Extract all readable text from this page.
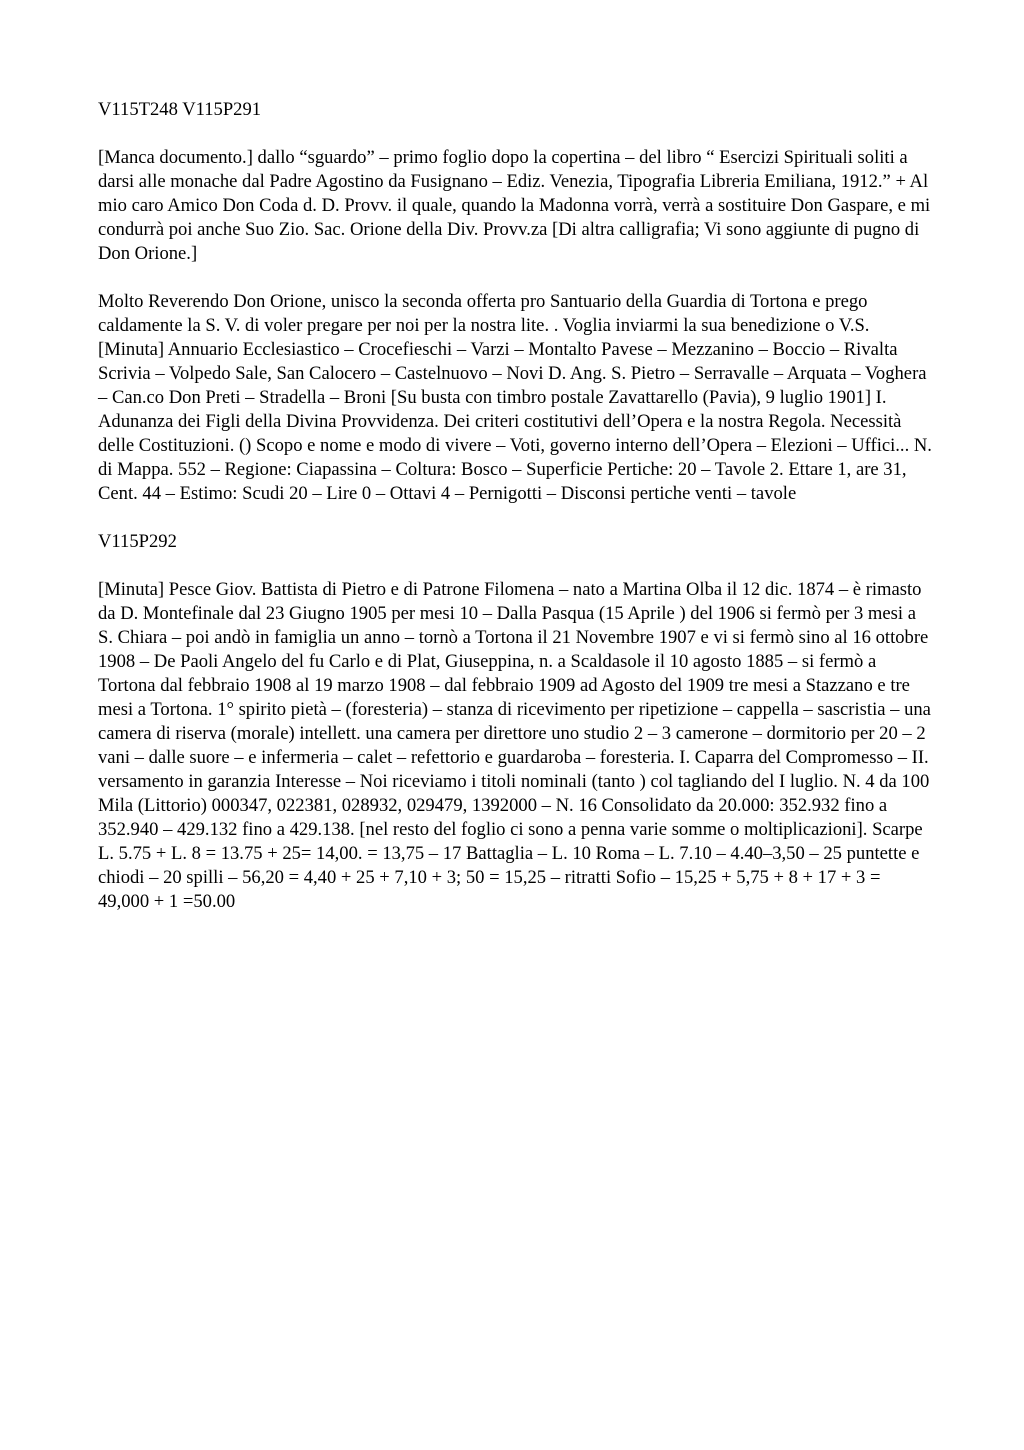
V115T248 V115P291

[Manca documento.] dallo “sguardo” – primo foglio dopo la copertina – del libro “ Esercizi Spirituali soliti a darsi alle monache dal Padre Agostino da Fusignano – Ediz. Venezia, Tipografia Libreria Emiliana, 1912.” + Al mio caro Amico Don Coda d. D. Provv. il quale, quando la Madonna vorrà, verrà a sostituire Don Gaspare, e mi condurrà poi anche Suo Zio. Sac. Orione della Div. Provv.za [Di altra calligrafia; Vi sono aggiunte di pugno di Don Orione.]

Molto Reverendo Don Orione, unisco la seconda offerta pro Santuario della Guardia di Tortona e prego caldamente la S. V. di voler pregare per noi per la nostra lite. . Voglia inviarmi la sua benedizione o V.S. [Minuta] Annuario Ecclesiastico – Crocefieschi – Varzi – Montalto Pavese – Mezzanino – Boccio – Rivalta Scrivia – Volpedo Sale, San Calocero – Castelnuovo – Novi D. Ang. S. Pietro – Serravalle – Arquata – Voghera – Can.co Don Preti – Stradella – Broni [Su busta con timbro postale Zavattarello (Pavia), 9 luglio 1901] I. Adunanza dei Figli della Divina Provvidenza. Dei criteri costitutivi dell’Opera e la nostra Regola. Necessità delle Costituzioni. () Scopo e nome e modo di vivere – Voti, governo interno dell’Opera – Elezioni – Uffici... N. di Mappa. 552 – Regione: Ciapassina – Coltura: Bosco – Superficie Pertiche: 20 – Tavole 2. Ettare 1, are 31, Cent. 44 – Estimo: Scudi 20 – Lire 0 – Ottavi 4 – Pernigotti – Disconsi pertiche venti – tavole

V115P292

[Minuta] Pesce Giov. Battista di Pietro e di Patrone Filomena – nato a Martina Olba il 12 dic. 1874 – è rimasto da D. Montefinale dal 23 Giugno 1905 per mesi 10 – Dalla Pasqua (15 Aprile ) del 1906 si fermò per 3 mesi a S. Chiara – poi andò in famiglia un anno – tornò a Tortona il 21 Novembre 1907 e vi si fermò sino al 16 ottobre 1908 – De Paoli Angelo del fu Carlo e di Plat, Giuseppina, n. a Scaldasole il 10 agosto 1885 – si fermò a Tortona dal febbraio 1908 al 19 marzo 1908 – dal febbraio 1909 ad Agosto del 1909 tre mesi a Stazzano e tre mesi a Tortona. 1° spirito pietà – (foresteria) – stanza di ricevimento per ripetizione – cappella – sascristia – una camera di riserva (morale) intellett. una camera per direttore uno studio 2 – 3 camerone – dormitorio per 20 – 2 vani – dalle suore – e infermeria – calet – refettorio e guardaroba – foresteria. I. Caparra del Compromesso – II. versamento in garanzia Interesse – Noi riceviamo i titoli nominali (tanto ) col tagliando del I luglio. N. 4 da 100 Mila (Littorio) 000347, 022381, 028932, 029479, 1392000 – N. 16 Consolidato da 20.000: 352.932 fino a 352.940 – 429.132 fino a 429.138. [nel resto del foglio ci sono a penna varie somme o moltiplicazioni]. Scarpe L. 5.75 + L. 8 = 13.75 + 25= 14,00. = 13,75 – 17 Battaglia – L. 10 Roma – L. 7.10 – 4.40–3,50 – 25 puntette e chiodi – 20 spilli – 56,20 = 4,40 + 25 + 7,10 + 3; 50 = 15,25 – ritratti Sofio – 15,25 + 5,75 + 8 + 17 + 3 = 49,000 + 1 =50.00
